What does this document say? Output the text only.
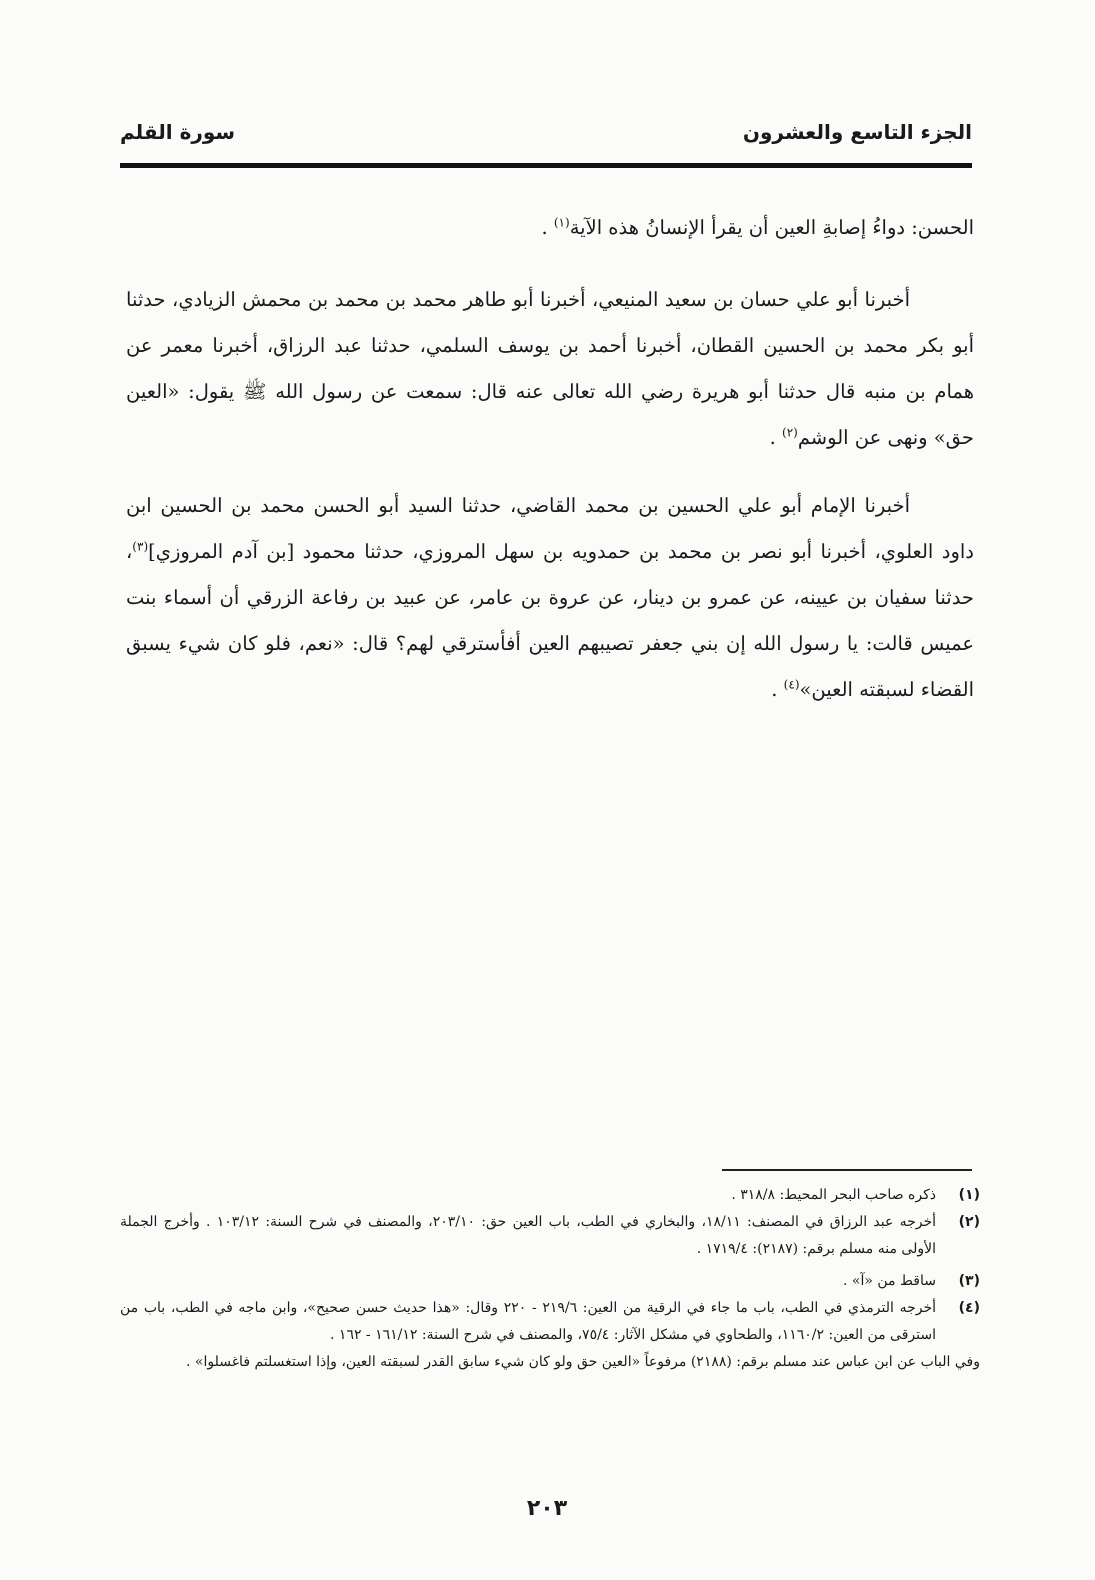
الجزء التاسع والعشرون
سورة القلم

الحسن: دواءُ إصابةِ العين أن يقرأ الإنسانُ هذه الآية$^{(١)}$ .

أخبرنا أبو علي حسان بن سعيد المنيعي، أخبرنا أبو طاهر محمد بن محمد بن محمش الزيادي، حدثنا أبو بكر محمد بن الحسين القطان، أخبرنا أحمد بن يوسف السلمي، حدثنا عبد الرزاق، أخبرنا معمر عن همام بن منبه قال حدثنا أبو هريرة رضي الله تعالى عنه قال: سمعت عن رسول الله ﷺ يقول: «العين حق» ونهى عن الوشم$^{(٢)}$ .

أخبرنا الإمام أبو علي الحسين بن محمد القاضي، حدثنا السيد أبو الحسن محمد بن الحسين ابن داود العلوي، أخبرنا أبو نصر بن محمد بن حمدويه بن سهل المروزي، حدثنا محمود [بن آدم المروزي]$^{(٣)}$، حدثنا سفيان بن عيينه، عن عمرو بن دينار، عن عروة بن عامر، عن عبيد بن رفاعة الزرقي أن أسماء بنت عميس قالت: يا رسول الله إن بني جعفر تصيبهم العين أفأسترقي لهم؟ قال: «نعم، فلو كان شيء يسبق القضاء لسبقته العين»$^{(٤)}$ .

(١)
ذكره صاحب البحر المحيط: ٣١٨/٨ .
(٢)
أخرجه عبد الرزاق في المصنف: ١٨/١١، والبخاري في الطب، باب العين حق: ٢٠٣/١٠، والمصنف في شرح السنة: ١٠٣/١٢ . وأخرج الجملة الأولى منه مسلم برقم: (٢١٨٧): ١٧١٩/٤ .
(٣)
ساقط من «آ» .
(٤)
أخرجه الترمذي في الطب، باب ما جاء في الرقية من العين: ٢١٩/٦ - ٢٢٠ وقال: «هذا حديث حسن صحيح»، وابن ماجه في الطب، باب من استرقى من العين: ١١٦٠/٢، والطحاوي في مشكل الآثار: ٧٥/٤، والمصنف في شرح السنة: ١٦١/١٢ - ١٦٢ .
وفي الباب عن ابن عباس عند مسلم برقم: (٢١٨٨) مرفوعاً «العين حق ولو كان شيء سابق القدر لسبقته العين، وإذا استغسلتم فاغسلوا» .
٢٠٣
